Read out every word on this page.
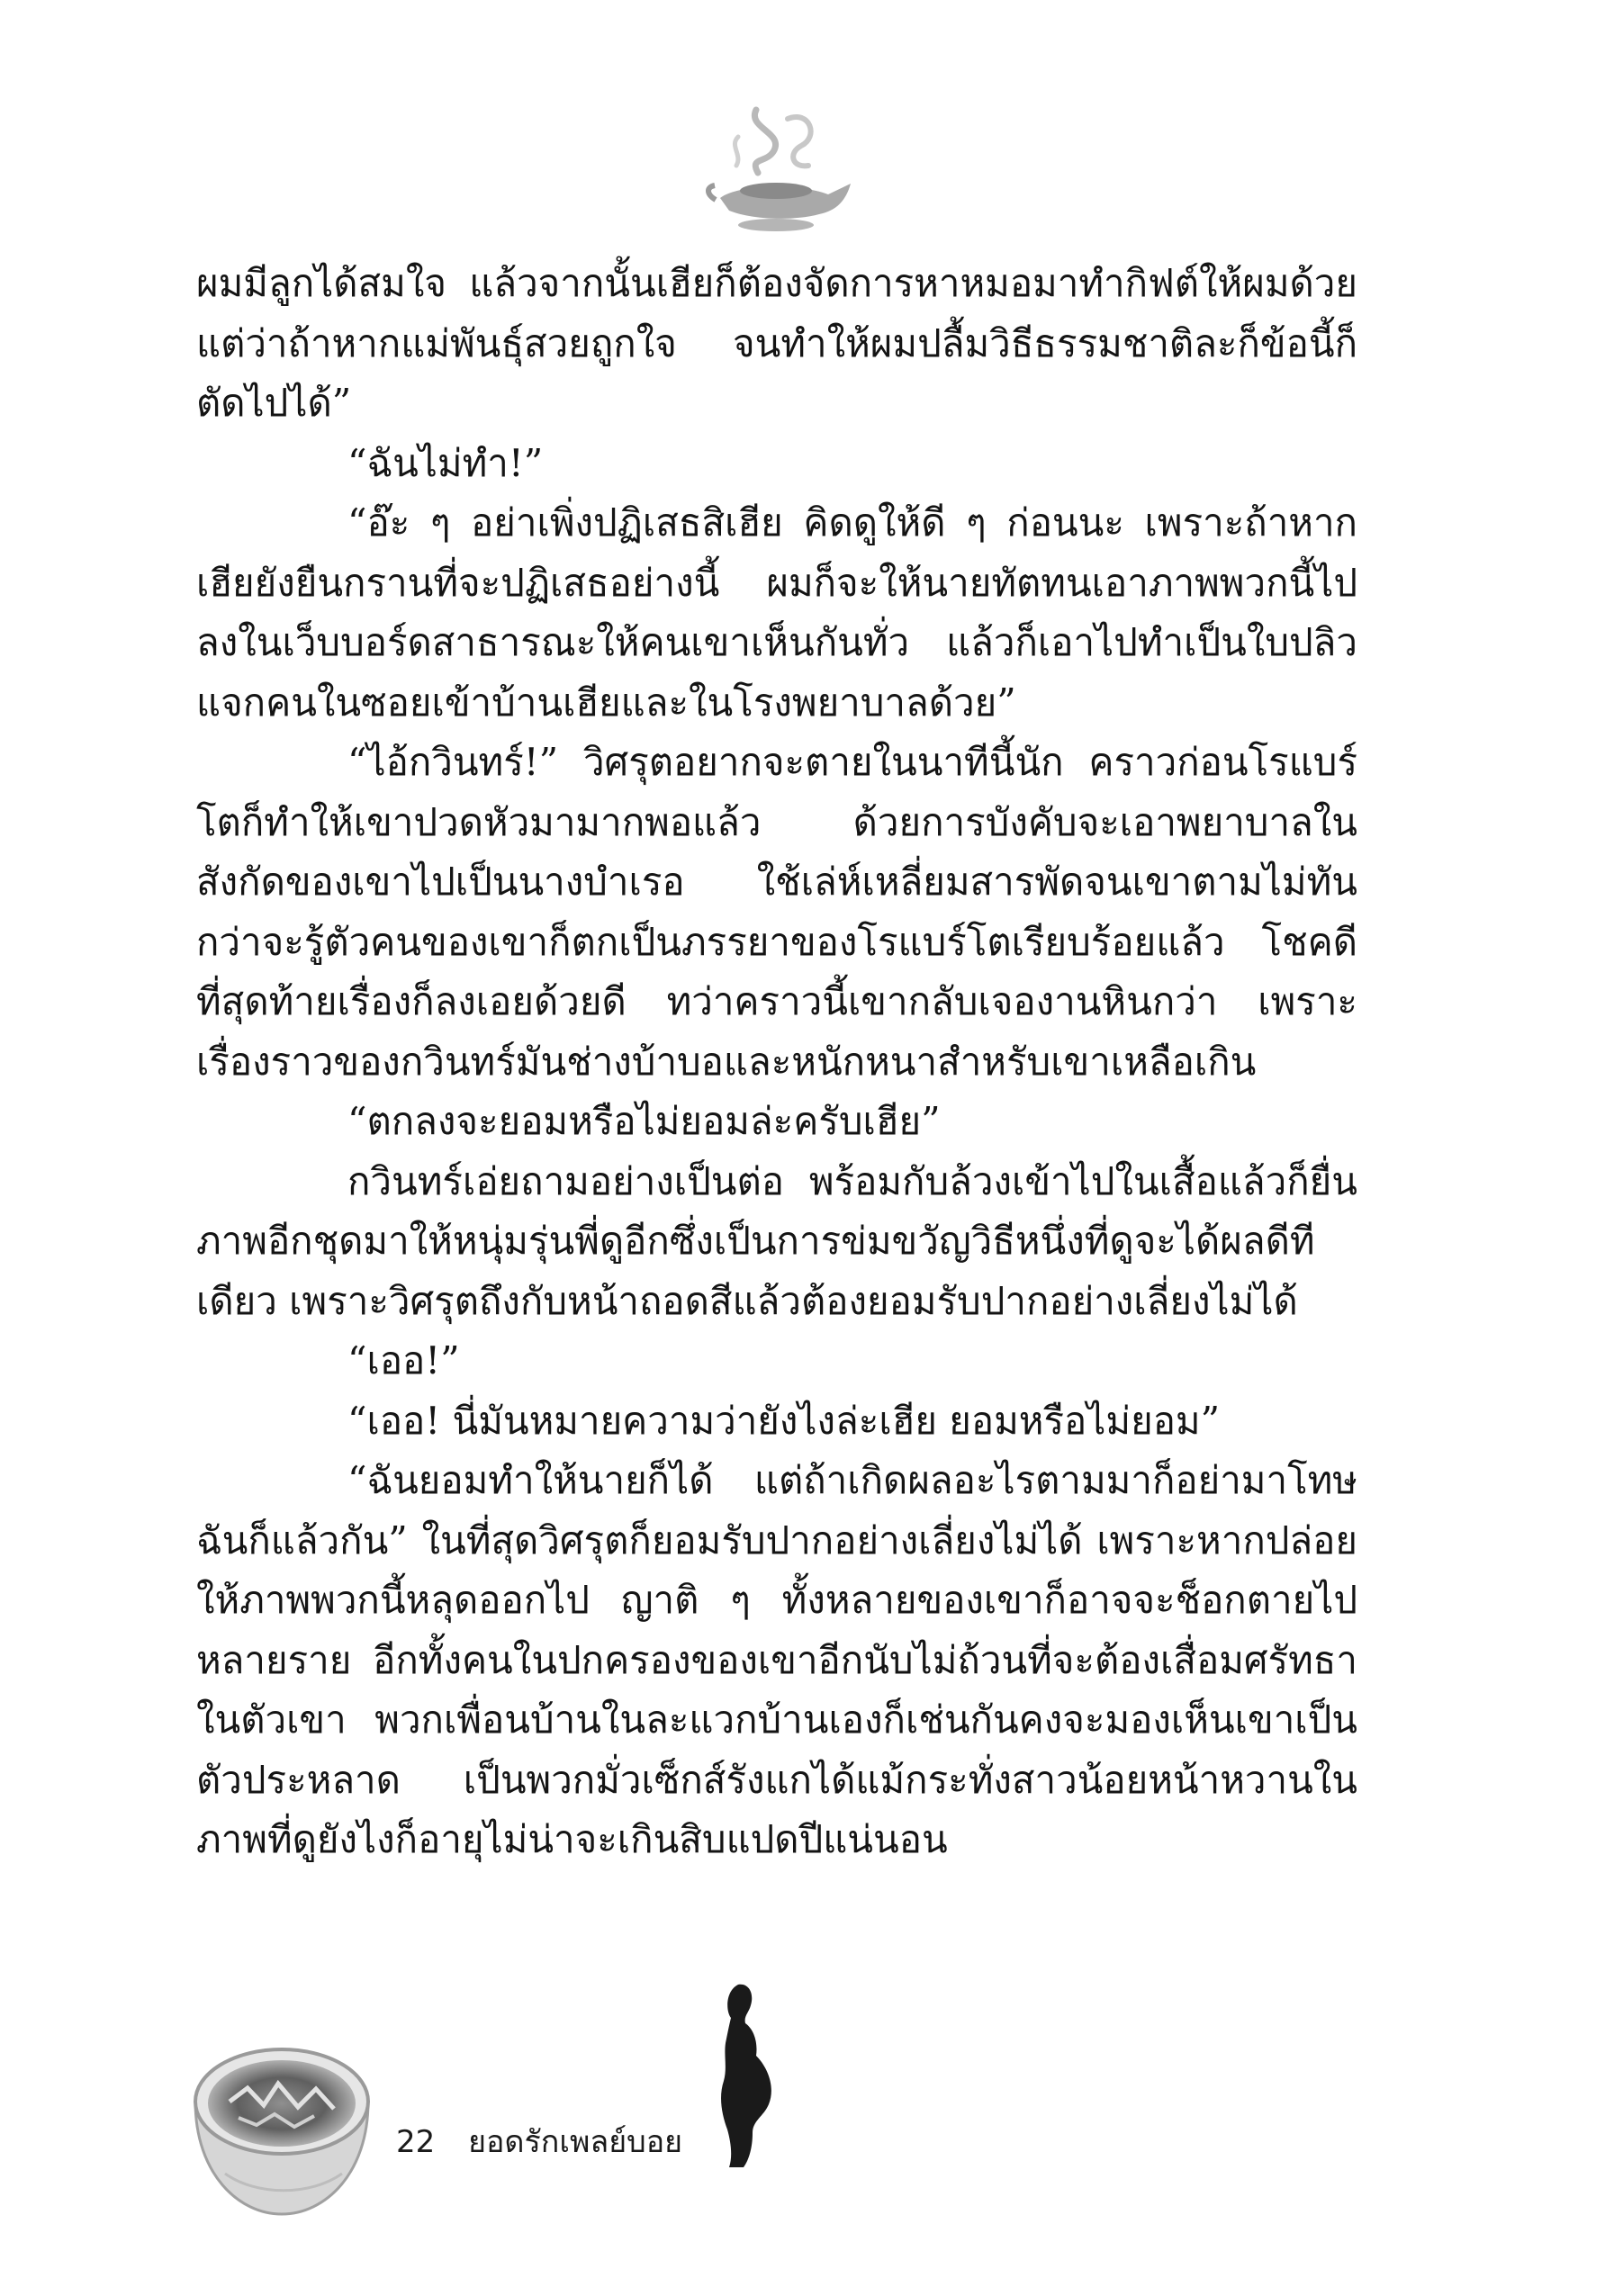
ผมมีลูกได้สมใจ แล้วจากนั้นเฮียก็ต้องจัดการหาหมอมาทำกิฟต์ให้ผมด้วย แต่ว่าถ้าหากแม่พันธุ์สวยถูกใจ จนทำให้ผมปลื้มวิธีธรรมชาติละก็ข้อนี้ก็ตัดไปได้”

“ฉันไม่ทำ!”

“อ๊ะ ๆ อย่าเพิ่งปฏิเสธสิเฮีย คิดดูให้ดี ๆ ก่อนนะ เพราะถ้าหากเฮียยังยืนกรานที่จะปฏิเสธอย่างนี้ ผมก็จะให้นายทัตทนเอาภาพพวกนี้ไปลงในเว็บบอร์ดสาธารณะให้คนเขาเห็นกันทั่ว แล้วก็เอาไปทำเป็นใบปลิวแจกคนในซอยเข้าบ้านเฮียและในโรงพยาบาลด้วย”

“ไอ้กวินทร์!” วิศรุตอยากจะตายในนาทีนี้นัก คราวก่อนโรแบร์โตก็ทำให้เขาปวดหัวมามากพอแล้ว ด้วยการบังคับจะเอาพยาบาลในสังกัดของเขาไปเป็นนางบำเรอ ใช้เล่ห์เหลี่ยมสารพัดจนเขาตามไม่ทัน กว่าจะรู้ตัวคนของเขาก็ตกเป็นภรรยาของโรแบร์โตเรียบร้อยแล้ว โชคดีที่สุดท้ายเรื่องก็ลงเอยด้วยดี ทว่าคราวนี้เขากลับเจองานหินกว่า เพราะเรื่องราวของกวินทร์มันช่างบ้าบอและหนักหนาสำหรับเขาเหลือเกิน

“ตกลงจะยอมหรือไม่ยอมล่ะครับเฮีย”

กวินทร์เอ่ยถามอย่างเป็นต่อ พร้อมกับล้วงเข้าไปในเสื้อแล้วก็ยื่นภาพอีกชุดมาให้หนุ่มรุ่นพี่ดูอีกซึ่งเป็นการข่มขวัญวิธีหนึ่งที่ดูจะได้ผลดีทีเดียว เพราะวิศรุตถึงกับหน้าถอดสีแล้วต้องยอมรับปากอย่างเลี่ยงไม่ได้

“เออ!”

“เออ! นี่มันหมายความว่ายังไงล่ะเฮีย ยอมหรือไม่ยอม”

“ฉันยอมทำให้นายก็ได้ แต่ถ้าเกิดผลอะไรตามมาก็อย่ามาโทษฉันก็แล้วกัน” ในที่สุดวิศรุตก็ยอมรับปากอย่างเลี่ยงไม่ได้ เพราะหากปล่อยให้ภาพพวกนี้หลุดออกไป ญาติ ๆ ทั้งหลายของเขาก็อาจจะช็อกตายไปหลายราย อีกทั้งคนในปกครองของเขาอีกนับไม่ถ้วนที่จะต้องเสื่อมศรัทธาในตัวเขา พวกเพื่อนบ้านในละแวกบ้านเองก็เช่นกันคงจะมองเห็นเขาเป็นตัวประหลาด เป็นพวกมั่วเซ็กส์รังแกได้แม้กระทั่งสาวน้อยหน้าหวานในภาพที่ดูยังไงก็อายุไม่น่าจะเกินสิบแปดปีแน่นอน

22 ยอดรักเพลย์บอย
